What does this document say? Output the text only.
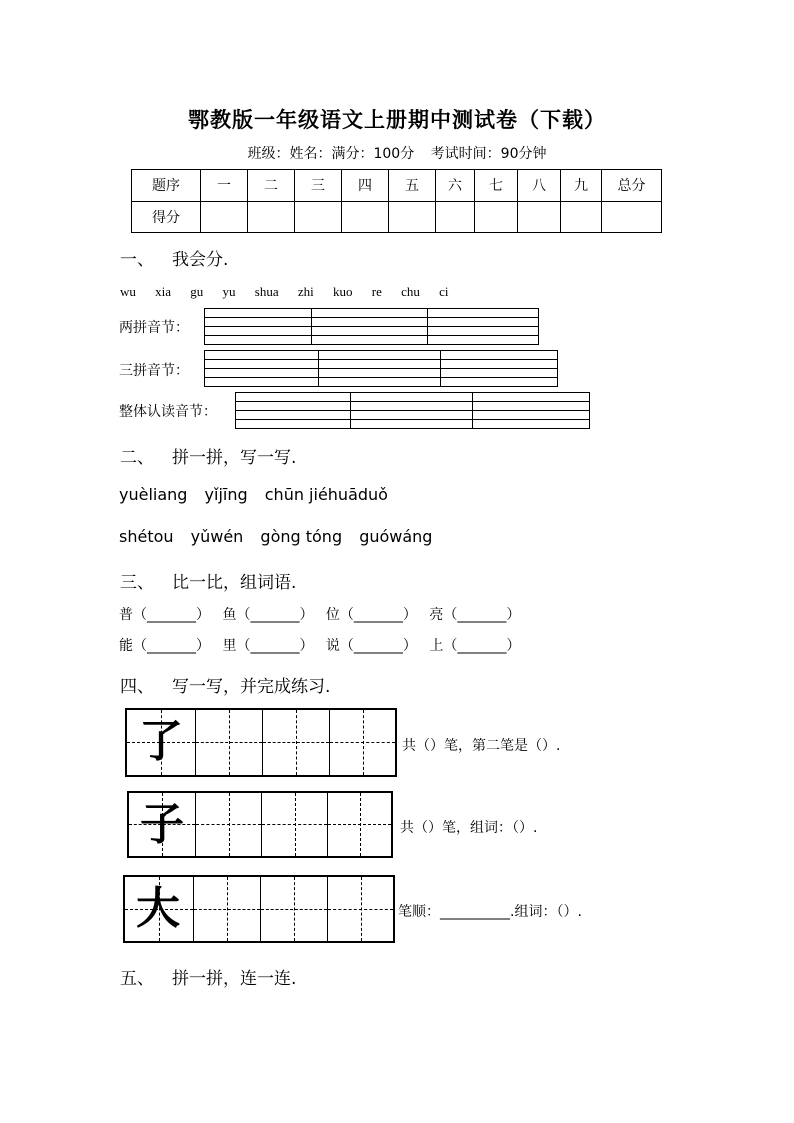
鄂教版一年级语文上册期中测试卷（下载）
班级：姓名：满分：100分 考试时间：90分钟
题序	一	二	三	四	五	六	七	八	九	总分
得分										
一、 我会分.
wu xia gu yu shua zhi kuo re chu ci
两拼音节：
三拼音节：
整体认读音节：
二、 拼一拼，写一写.
yuèliang yǐjīng chūn jiéhuāduǒ
shétou yǔwén gòng tóng guówáng
三、 比一比，组词语.
普（_______） 鱼（_______） 位（_______） 亮（_______）
能（_______） 里（_______） 说（_______） 上（_______）
四、 写一写，并完成练习.
了	共（）笔，第二笔是（）.
子	共（）笔，组词：（）.
大	笔顺：__________.组词：（）.
五、 拼一拼，连一连.
